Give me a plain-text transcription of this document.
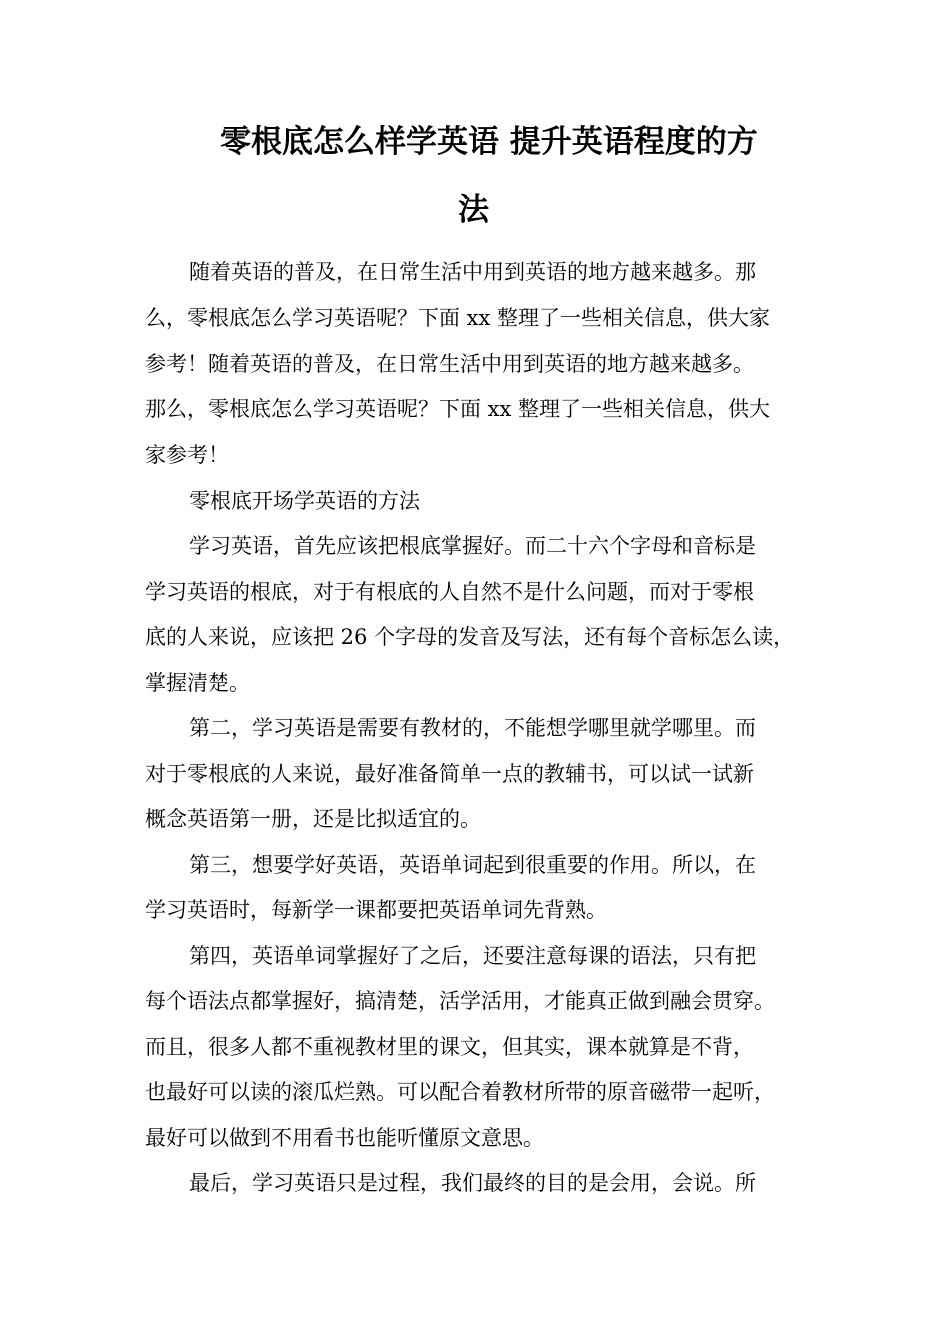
零根底怎么样学英语 提升英语程度的方
法
随着英语的普及，在日常生活中用到英语的地方越来越多。那
么，零根底怎么学习英语呢？下面 xx 整理了一些相关信息，供大家
参考！随着英语的普及，在日常生活中用到英语的地方越来越多。
那么，零根底怎么学习英语呢？下面 xx 整理了一些相关信息，供大
家参考！
零根底开场学英语的方法
学习英语，首先应该把根底掌握好。而二十六个字母和音标是
学习英语的根底，对于有根底的人自然不是什么问题，而对于零根
底的人来说，应该把 26 个字母的发音及写法，还有每个音标怎么读，
掌握清楚。
第二，学习英语是需要有教材的，不能想学哪里就学哪里。而
对于零根底的人来说，最好准备简单一点的教辅书，可以试一试新
概念英语第一册，还是比拟适宜的。
第三，想要学好英语，英语单词起到很重要的作用。所以，在
学习英语时，每新学一课都要把英语单词先背熟。
第四，英语单词掌握好了之后，还要注意每课的语法，只有把
每个语法点都掌握好，搞清楚，活学活用，才能真正做到融会贯穿。
而且，很多人都不重视教材里的课文，但其实，课本就算是不背，
也最好可以读的滚瓜烂熟。可以配合着教材所带的原音磁带一起听，
最好可以做到不用看书也能听懂原文意思。
最后，学习英语只是过程，我们最终的目的是会用，会说。所
